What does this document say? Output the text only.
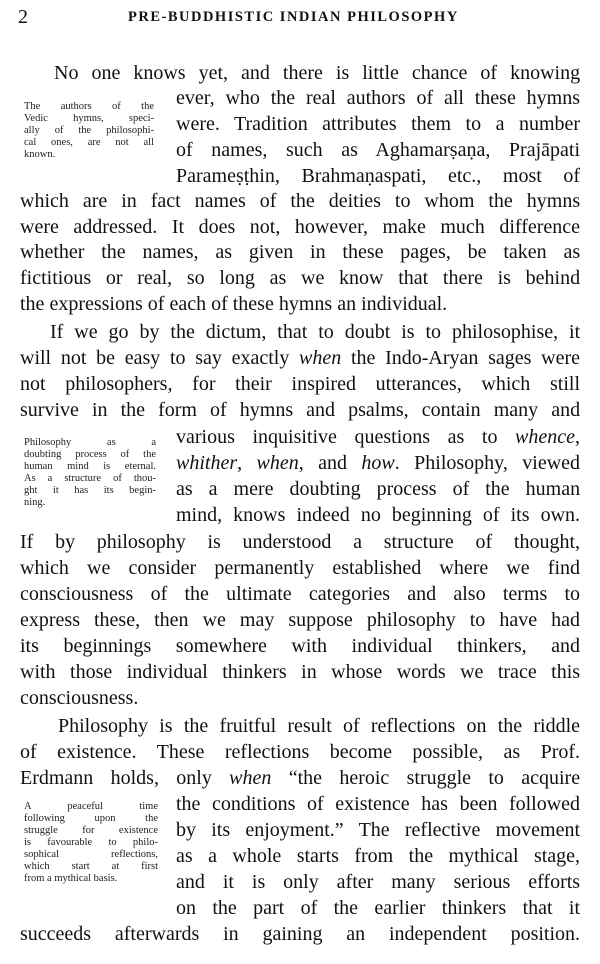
2	PRE-BUDDHISTIC INDIAN PHILOSOPHY
No one knows yet, and there is little chance of knowing
ever, who the real authors of all these hymns
were. Tradition attributes them to a number
of names, such as Aghamarṣaṇa, Prajāpati
Parameṣṭhin, Brahmaṇaspati, etc., most of
which are in fact names of the deities to whom the hymns
were addressed. It does not, however, make much difference
whether the names, as given in these pages, be taken as
fictitious or real, so long as we know that there is behind
the expressions of each of these hymns an individual.
If we go by the dictum, that to doubt is to philosophise, it
will not be easy to say exactly when the Indo-Aryan sages were
not philosophers, for their inspired utterances, which still
survive in the form of hymns and psalms, contain many and
various inquisitive questions as to whence,
whither, when, and how. Philosophy, viewed
as a mere doubting process of the human
mind, knows indeed no beginning of its own.
If by philosophy is understood a structure of thought,
which we consider permanently established where we find
consciousness of the ultimate categories and also terms to
express these, then we may suppose philosophy to have had
its beginnings somewhere with individual thinkers, and
with those individual thinkers in whose words we trace this
consciousness.
Philosophy is the fruitful result of reflections on the riddle
of existence. These reflections become possible, as Prof.
Erdmann holds, only when “the heroic struggle to acquire
the conditions of existence has been followed
by its enjoyment.” The reflective movement
as a whole starts from the mythical stage,
and it is only after many serious efforts
on the part of the earlier thinkers that it
succeeds afterwards in gaining an independent position.
The authors of the
Vedic hymns, speci-
ally of the philosophi-
cal ones, are not all
known.
Philosophy as a
doubting process of the
human mind is eternal.
As a structure of thou-
ght it has its begin-
ning.
A peaceful time
following upon the
struggle for existence
is favourable to philo-
sophical reflections,
which start at first
from a mythical basis.
